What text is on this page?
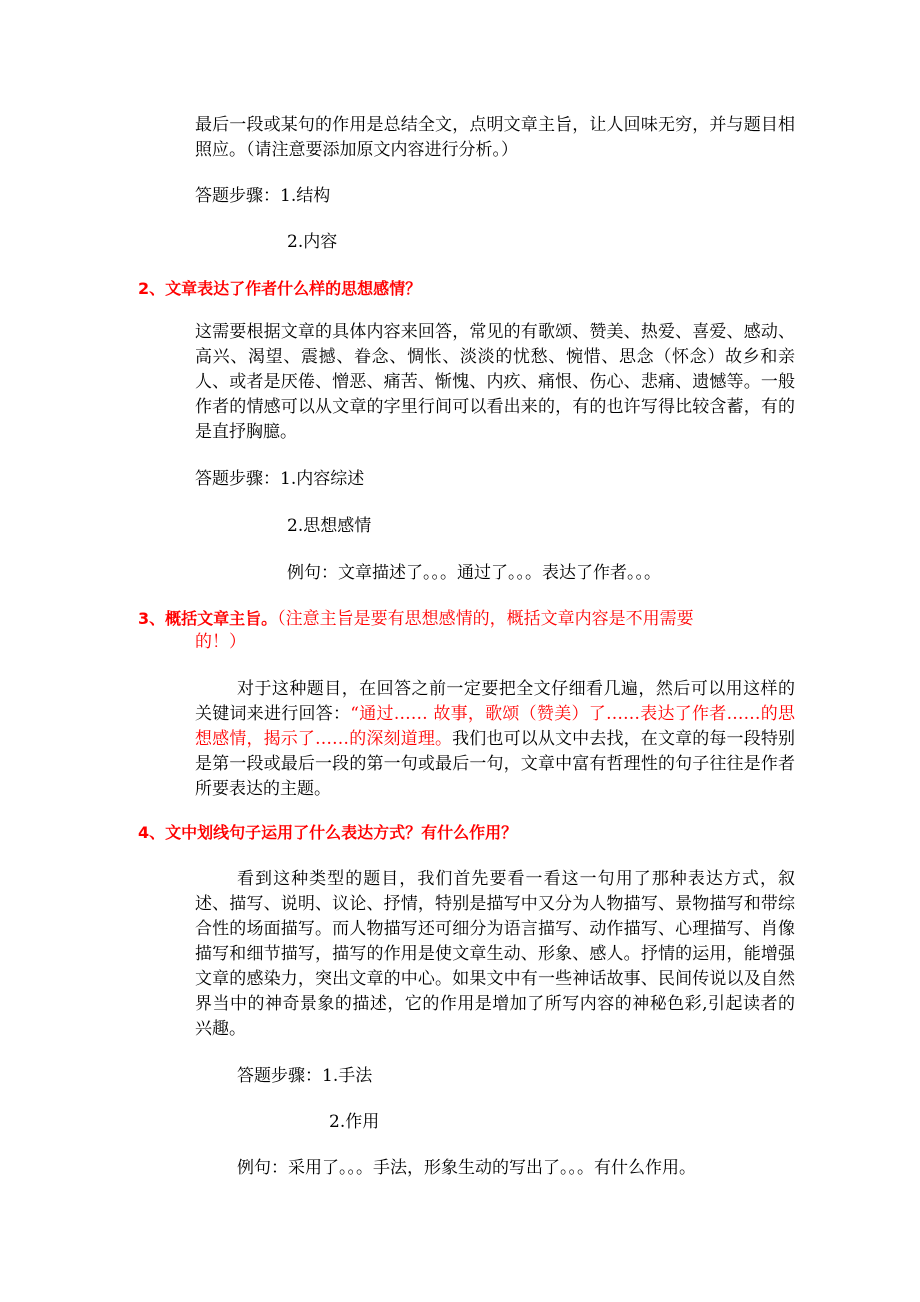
最后一段或某句的作用是总结全文，点明文章主旨，让人回味无穷，并与题目相照应。（请注意要添加原文内容进行分析。）

答题步骤：1.结构

2.内容

2、文章表达了作者什么样的思想感情？

这需要根据文章的具体内容来回答，常见的有歌颂、赞美、热爱、喜爱、感动、高兴、渴望、震撼、眷念、惆怅、淡淡的忧愁、惋惜、思念（怀念）故乡和亲人、或者是厌倦、憎恶、痛苦、惭愧、内疚、痛恨、伤心、悲痛、遗憾等。一般作者的情感可以从文章的字里行间可以看出来的，有的也许写得比较含蓄，有的是直抒胸臆。

答题步骤：1.内容综述

2.思想感情

例句：文章描述了。。。通过了。。。表达了作者。。。

3、概括文章主旨。（注意主旨是要有思想感情的，概括文章内容是不用需要

的！）

对于这种题目，在回答之前一定要把全文仔细看几遍，然后可以用这样的关键词来进行回答：“通过…… 故事，歌颂（赞美）了……表达了作者……的思想感情，揭示了……的深刻道理。我们也可以从文中去找，在文章的每一段特别是第一段或最后一段的第一句或最后一句，文章中富有哲理性的句子往往是作者所要表达的主题。

4、文中划线句子运用了什么表达方式？有什么作用？

看到这种类型的题目，我们首先要看一看这一句用了那种表达方式，叙述、描写、说明、议论、抒情，特别是描写中又分为人物描写、景物描写和带综合性的场面描写。而人物描写还可细分为语言描写、动作描写、心理描写、肖像描写和细节描写，描写的作用是使文章生动、形象、感人。抒情的运用，能增强文章的感染力，突出文章的中心。如果文中有一些神话故事、民间传说以及自然界当中的神奇景象的描述，它的作用是增加了所写内容的神秘色彩,引起读者的兴趣。

答题步骤：1.手法

2.作用

例句：采用了。。。手法，形象生动的写出了。。。有什么作用。
